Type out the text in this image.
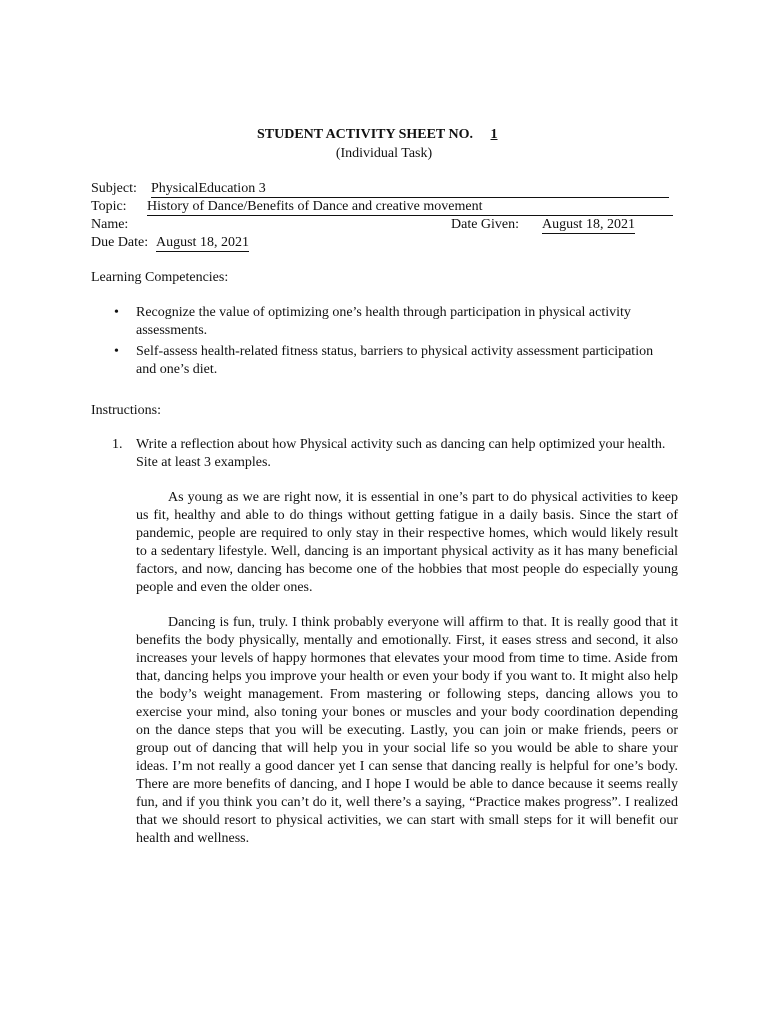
STUDENT ACTIVITY SHEET NO. 1
(Individual Task)
Subject: PhysicalEducation 3
Topic: History of Dance/Benefits of Dance and creative movement
Name:	Date Given: August 18, 2021
Due Date: August 18, 2021
Learning Competencies:
• Recognize the value of optimizing one’s health through participation in physical activity assessments.
• Self-assess health-related fitness status, barriers to physical activity assessment participation and one’s diet.
Instructions:
1. Write a reflection about how Physical activity such as dancing can help optimized your health. Site at least 3 examples.

As young as we are right now, it is essential in one’s part to do physical activities to keep us fit, healthy and able to do things without getting fatigue in a daily basis. Since the start of pandemic, people are required to only stay in their respective homes, which would likely result to a sedentary lifestyle. Well, dancing is an important physical activity as it has many beneficial factors, and now, dancing has become one of the hobbies that most people do especially young people and even the older ones.

Dancing is fun, truly. I think probably everyone will affirm to that. It is really good that it benefits the body physically, mentally and emotionally. First, it eases stress and second, it also increases your levels of happy hormones that elevates your mood from time to time. Aside from that, dancing helps you improve your health or even your body if you want to. It might also help the body’s weight management. From mastering or following steps, dancing allows you to exercise your mind, also toning your bones or muscles and your body coordination depending on the dance steps that you will be executing. Lastly, you can join or make friends, peers or group out of dancing that will help you in your social life so you would be able to share your ideas. I’m not really a good dancer yet I can sense that dancing really is helpful for one’s body. There are more benefits of dancing, and I hope I would be able to dance because it seems really fun, and if you think you can’t do it, well there’s a saying, “Practice makes progress”. I realized that we should resort to physical activities, we can start with small steps for it will benefit our health and wellness.
